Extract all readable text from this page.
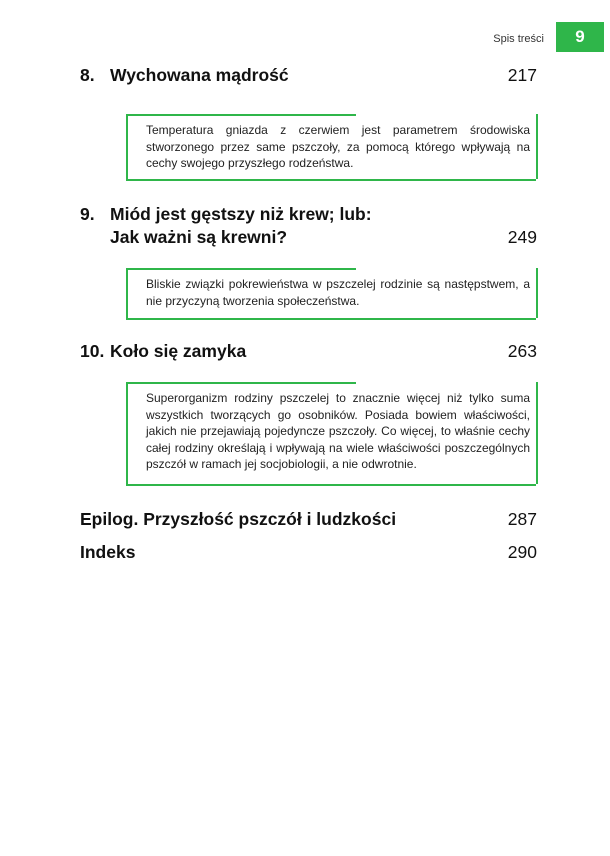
Spis treści	9
8. Wychowana mądrość	217

Temperatura gniazda z czerwiem jest parametrem środowiska stworzonego przez same pszczoły, za pomocą którego wpływają na cechy swojego przyszłego rodzeństwa.

9. Miód jest gęstszy niż krew; lub:
Jak ważni są krewni?	249

Bliskie związki pokrewieństwa w pszczelej rodzinie są następstwem, a nie przyczyną tworzenia społeczeństwa.

10. Koło się zamyka	263

Superorganizm rodziny pszczelej to znacznie więcej niż tylko suma wszystkich tworzących go osobników. Posiada bowiem właściwości, jakich nie przejawiają pojedyncze pszczoły. Co więcej, to właśnie cechy całej rodziny określają i wpływają na wiele właściwości poszczególnych pszczół w ramach jej socjobiologii, a nie odwrotnie.

Epilog. Przyszłość pszczół i ludzkości	287
Indeks	290
